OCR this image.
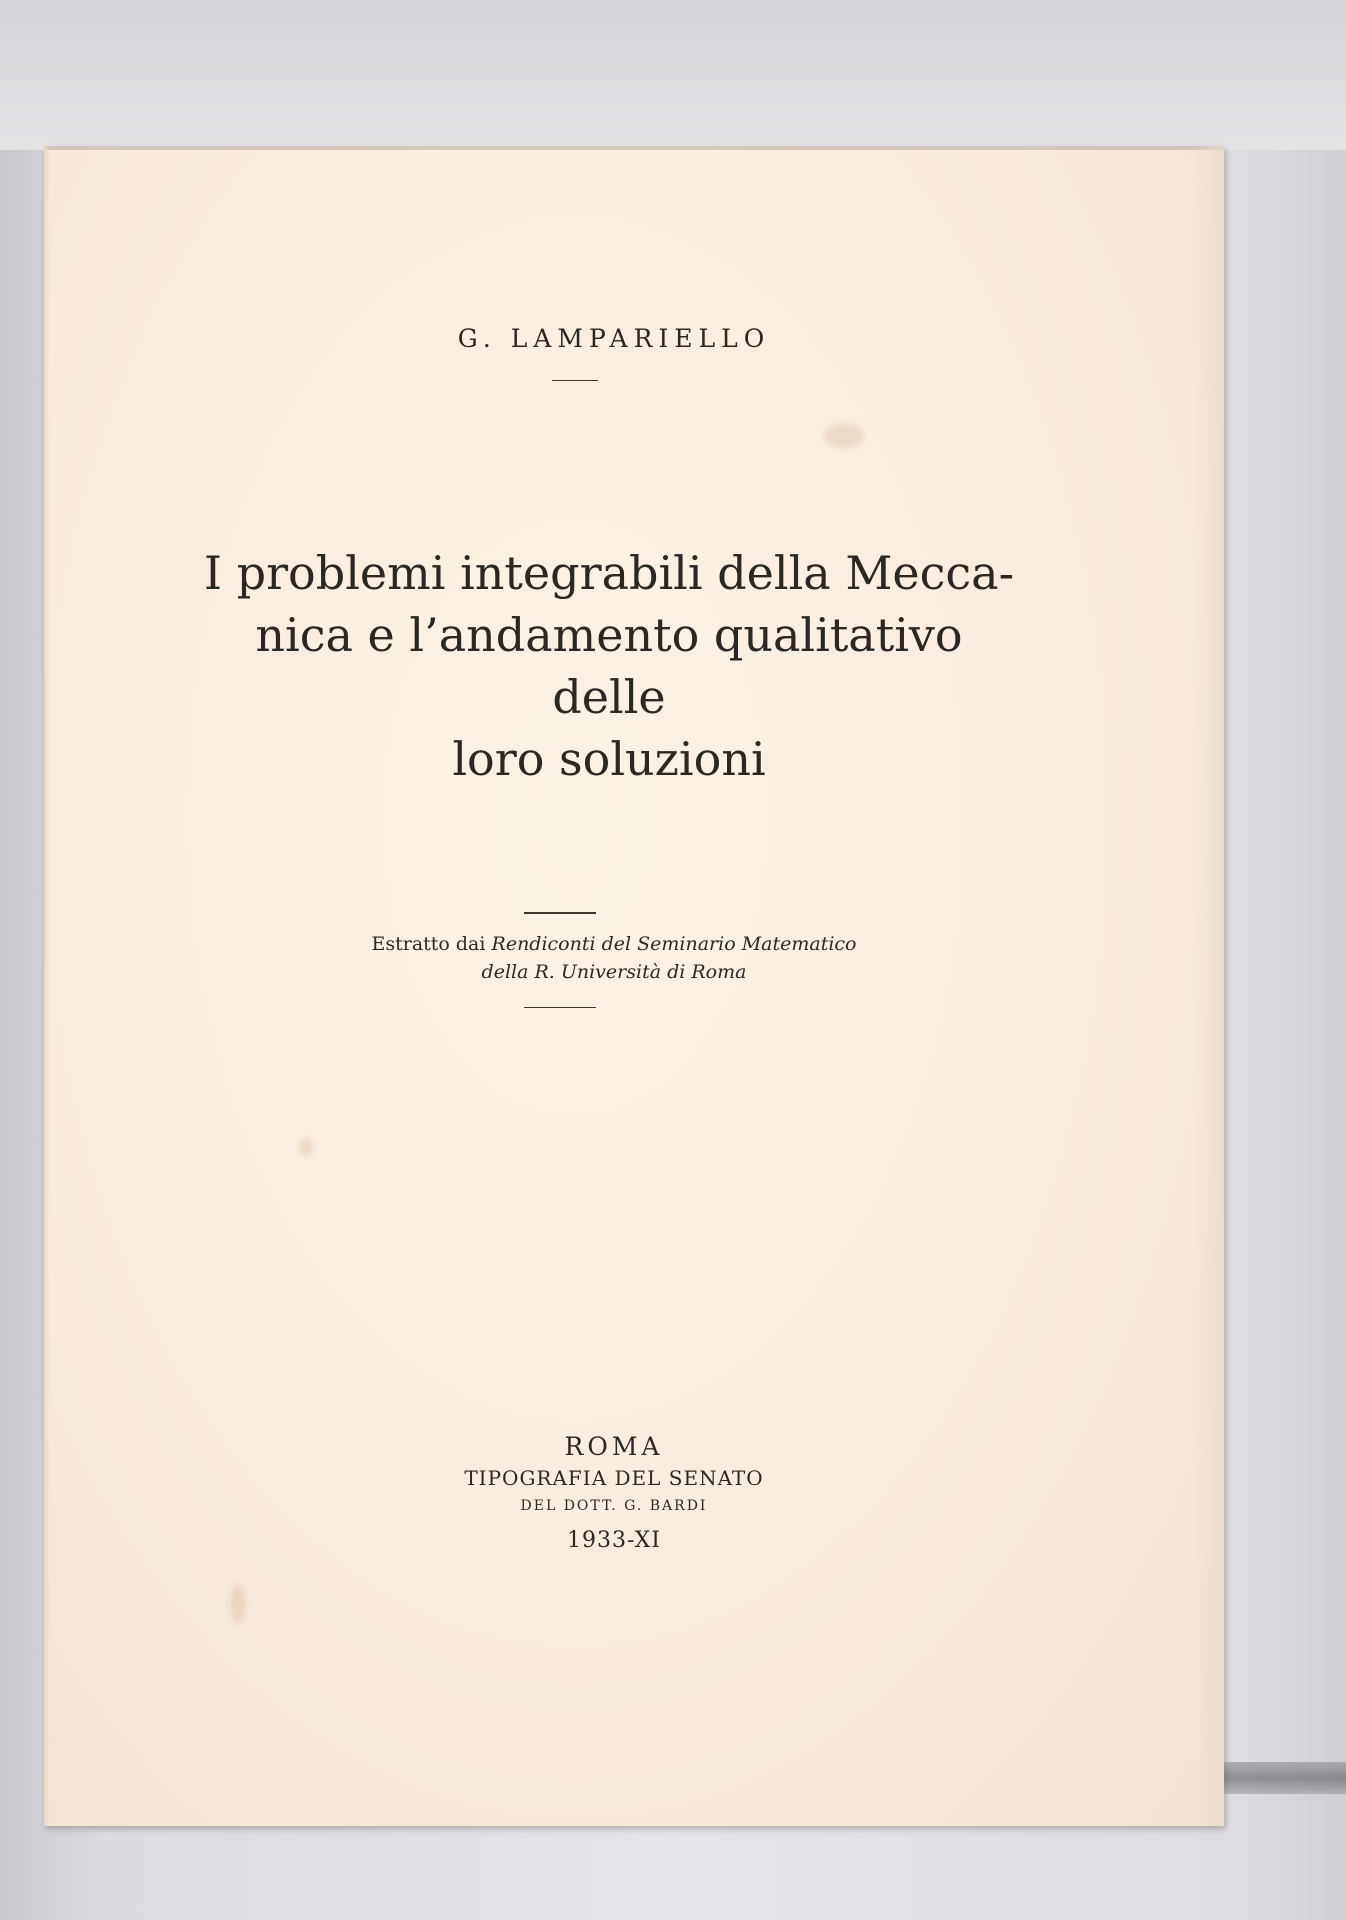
G. LAMPARIELLO
I problemi integrabili della Mecca-
nica e l’andamento qualitativo delle
loro soluzioni
Estratto dai Rendiconti del Seminario Matematico
della R. Università di Roma
ROMA
TIPOGRAFIA DEL SENATO
DEL DOTT. G. BARDI
1933-XI
